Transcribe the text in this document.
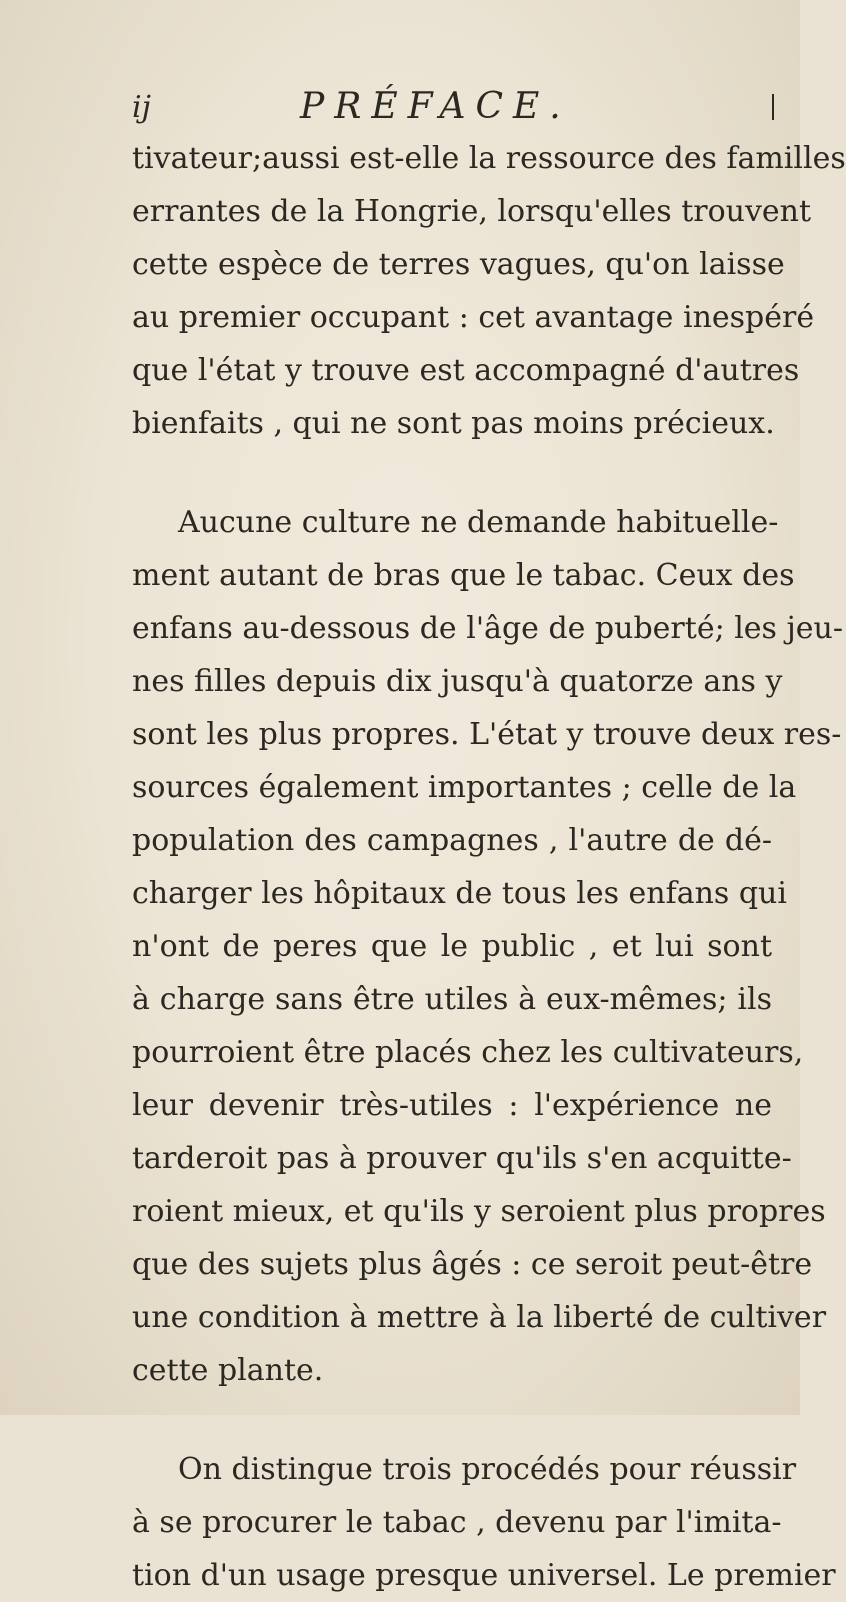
ij	PRÉFACE.
tivateur;aussi est-elle la ressource des familles
errantes de la Hongrie, lorsqu'elles trouvent
cette espèce de terres vagues, qu'on laisse
au premier occupant : cet avantage inespéré
que l'état y trouve est accompagné d'autres
bienfaits , qui ne sont pas moins précieux.
Aucune culture ne demande habituelle-
ment autant de bras que le tabac. Ceux des
enfans au-dessous de l'âge de puberté; les jeu-
nes filles depuis dix jusqu'à quatorze ans y
sont les plus propres. L'état y trouve deux res-
sources également importantes ; celle de la
population des campagnes , l'autre de dé-
charger les hôpitaux de tous les enfans qui
n'ont de peres que le public , et lui sont
à charge sans être utiles à eux-mêmes; ils
pourroient être placés chez les cultivateurs,
leur devenir très-utiles : l'expérience ne
tarderoit pas à prouver qu'ils s'en acquitte-
roient mieux, et qu'ils y seroient plus propres
que des sujets plus âgés : ce seroit peut-être
une condition à mettre à la liberté de cultiver
cette plante.
On distingue trois procédés pour réussir
à se procurer le tabac , devenu par l'imita-
tion d'un usage presque universel. Le premier
